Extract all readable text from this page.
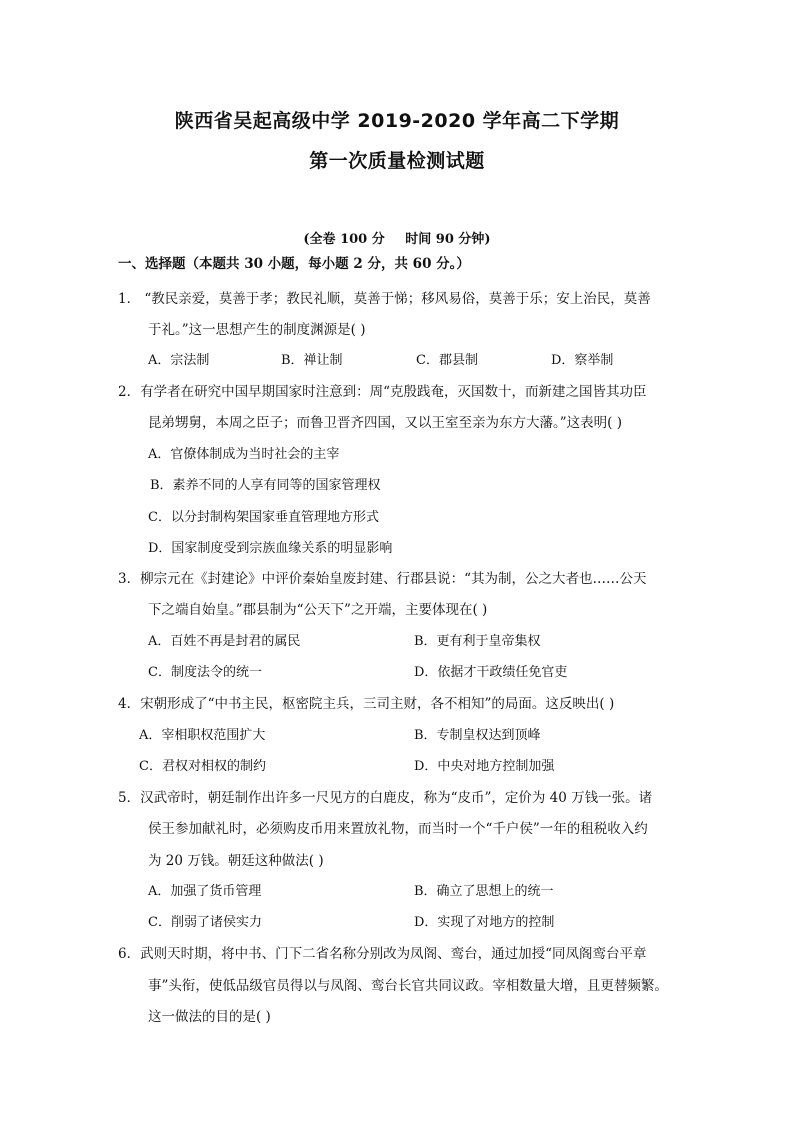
陕西省吴起高级中学 2019-2020 学年高二下学期
第一次质量检测试题
(全卷 100 分 时间 90 分钟)
一、选择题（本题共 30 小题，每小题 2 分，共 60 分。）
1． “教民亲爱，莫善于孝；教民礼顺，莫善于悌；移风易俗，莫善于乐；安上治民，莫善
于礼。”这一思想产生的制度渊源是( )
A．宗法制	B．禅让制	C．郡县制	D．察举制
2．有学者在研究中国早期国家时注意到：周“克殷践奄，灭国数十，而新建之国皆其功臣
昆弟甥舅，本周之臣子；而鲁卫晋齐四国，又以王室至亲为东方大藩。”这表明( )
A．官僚体制成为当时社会的主宰
B．素养不同的人享有同等的国家管理权
C．以分封制构架国家垂直管理地方形式
D．国家制度受到宗族血缘关系的明显影响
3．柳宗元在《封建论》中评价秦始皇废封建、行郡县说：“其为制，公之大者也……公天
下之端自始皇。”郡县制为“公天下”之开端，主要体现在( )
A．百姓不再是封君的属民	B．更有利于皇帝集权
C．制度法令的统一	D．依据才干政绩任免官吏
4．宋朝形成了“中书主民，枢密院主兵，三司主财，各不相知”的局面。这反映出( )
A．宰相职权范围扩大	B．专制皇权达到顶峰
C．君权对相权的制约	D．中央对地方控制加强
5．汉武帝时，朝廷制作出许多一尺见方的白鹿皮，称为“皮币”，定价为 40 万钱一张。诸
侯王参加献礼时，必须购皮币用来置放礼物，而当时一个“千户侯”一年的租税收入约
为 20 万钱。朝廷这种做法( )
A．加强了货币管理	B．确立了思想上的统一
C．削弱了诸侯实力	D．实现了对地方的控制
6．武则天时期，将中书、门下二省名称分别改为凤阁、鸾台，通过加授“同凤阁鸾台平章
事”头衔，使低品级官员得以与凤阁、鸾台长官共同议政。宰相数量大增，且更替频繁。
这一做法的目的是( )
